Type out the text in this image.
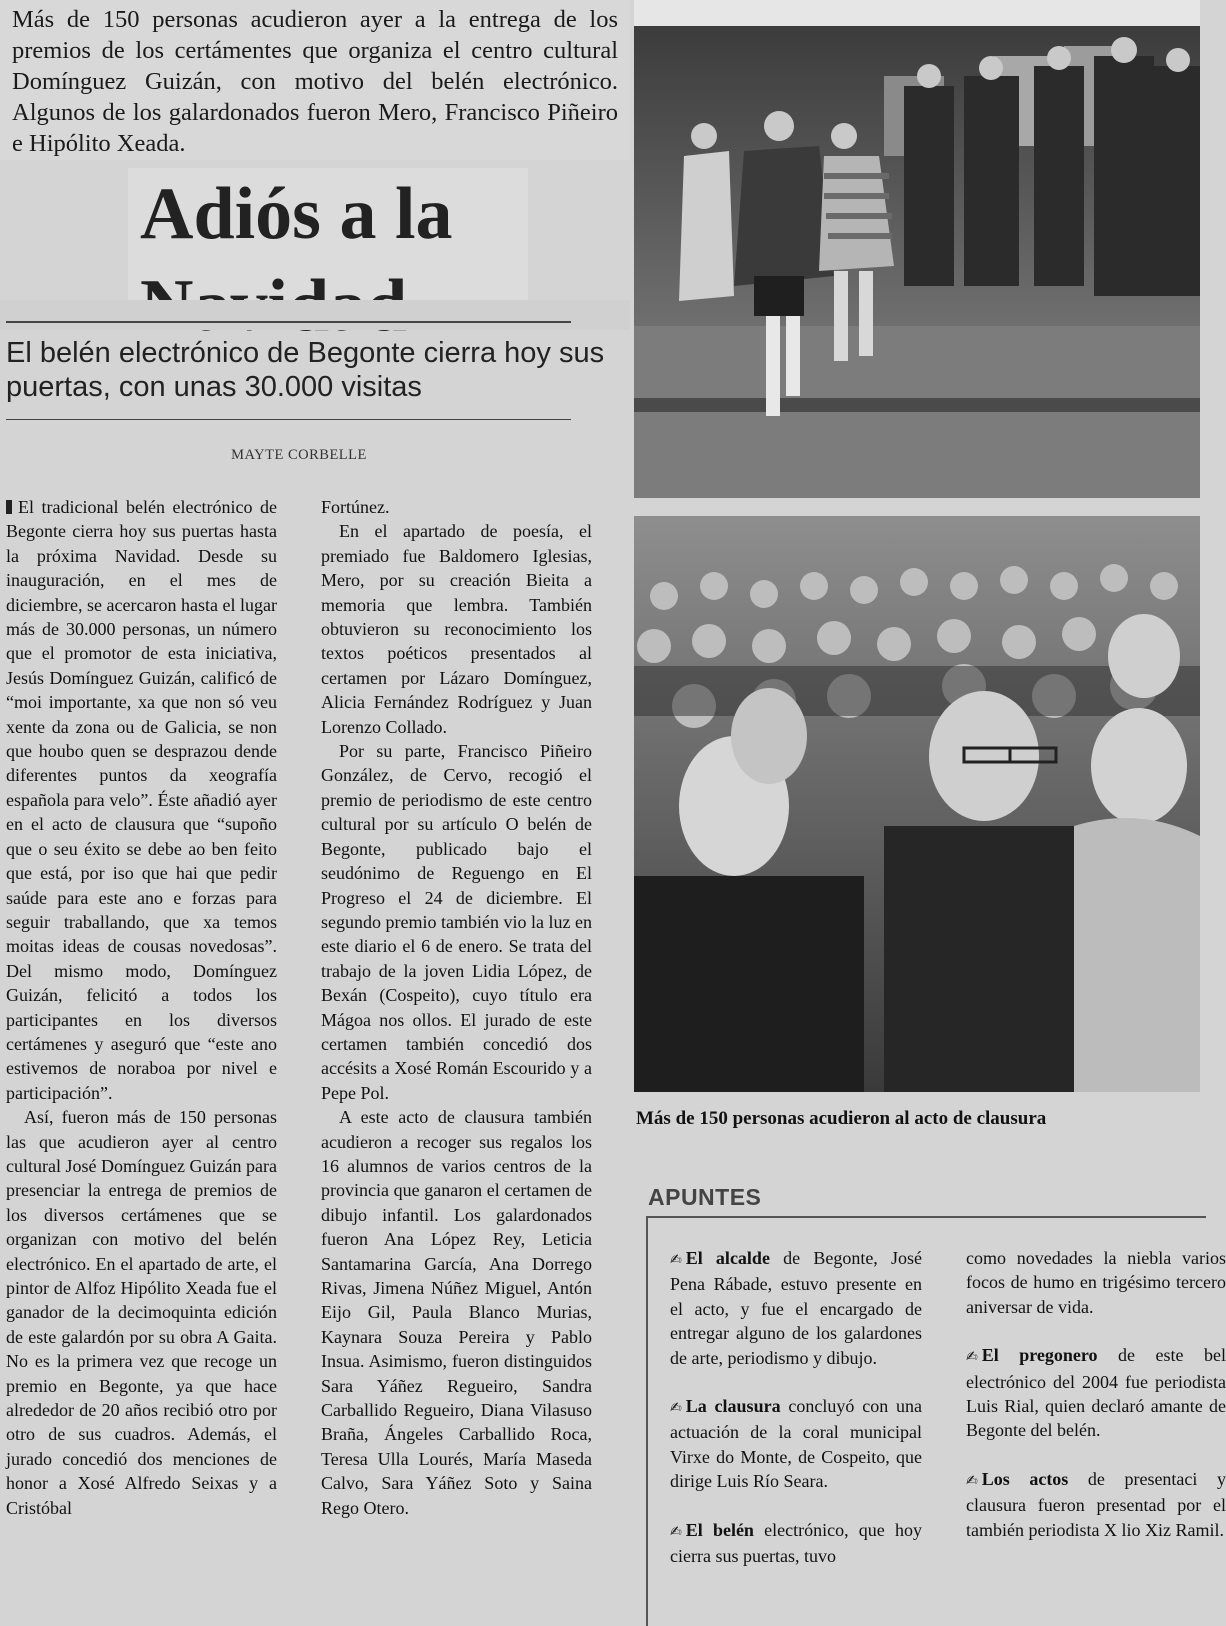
Más de 150 personas acudieron ayer a la entrega de los premios de los certámentes que organiza el centro cultural Domínguez Guizán, con motivo del belén electrónico. Algunos de los galardonados fueron Mero, Francisco Piñeiro e Hipólito Xeada.

Adiós a la

El belén electrónico de Begonte cierra hoy sus puertas, con unas 30.000 visitas
MAYTE CORBELLE

El tradicional belén electrónico de Begonte cierra hoy sus puertas hasta la próxima Navidad. Desde su inauguración, en el mes de diciembre, se acercaron hasta el lugar más de 30.000 personas, un número que el promotor de esta iniciativa, Jesús Domínguez Guizán, calificó de “moi importante, xa que non só veu xente da zona ou de Galicia, se non que houbo quen se desprazou dende diferentes puntos da xeografía española para velo”. Éste añadió ayer en el acto de clausura que “supoño que o seu éxito se debe ao ben feito que está, por iso que hai que pedir saúde para este ano e forzas para seguir traballando, que xa temos moitas ideas de cousas novedosas”. Del mismo modo, Domínguez Guizán, felicitó a todos los participantes en los diversos certámenes y aseguró que “este ano estivemos de noraboa por nivel e participación”.

Así, fueron más de 150 personas las que acudieron ayer al centro cultural José Domínguez Guizán para presenciar la entrega de premios de los diversos certámenes que se organizan con motivo del belén electrónico. En el apartado de arte, el pintor de Alfoz Hipólito Xeada fue el ganador de la decimoquinta edición de este galardón por su obra A Gaita. No es la primera vez que recoge un premio en Begonte, ya que hace alrededor de 20 años recibió otro por otro de sus cuadros. Además, el jurado concedió dos menciones de honor a Xosé Alfredo Seixas y a Cristóbal

Fortúnez.

En el apartado de poesía, el premiado fue Baldomero Iglesias, Mero, por su creación Bieita a memoria que lembra. También obtuvieron su reconocimiento los textos poéticos presentados al certamen por Lázaro Domínguez, Alicia Fernández Rodríguez y Juan Lorenzo Collado.

Por su parte, Francisco Piñeiro González, de Cervo, recogió el premio de periodismo de este centro cultural por su artículo O belén de Begonte, publicado bajo el seudónimo de Reguengo en El Progreso el 24 de diciembre. El segundo premio también vio la luz en este diario el 6 de enero. Se trata del trabajo de la joven Lidia López, de Bexán (Cospeito), cuyo título era Mágoa nos ollos. El jurado de este certamen también concedió dos accésits a Xosé Román Escourido y a Pepe Pol.

A este acto de clausura también acudieron a recoger sus regalos los 16 alumnos de varios centros de la provincia que ganaron el certamen de dibujo infantil. Los galardonados fueron Ana López Rey, Leticia Santamarina García, Ana Dorrego Rivas, Jimena Núñez Miguel, Antón Eijo Gil, Paula Blanco Murias, Kaynara Souza Pereira y Pablo Insua. Asimismo, fueron distinguidos Sara Yáñez Regueiro, Sandra Carballido Regueiro, Diana Vilasuso Braña, Ángeles Carballido Roca, Teresa Ulla Lourés, María Maseda Calvo, Sara Yáñez Soto y Saina Rego Otero.

Más de 150 personas acudieron al acto de clausura
APUNTES

✍ El alcalde de Begonte, José Pena Rábade, estuvo presente en el acto, y fue el encargado de entregar alguno de los galardones de arte, periodismo y dibujo.

✍ La clausura concluyó con una actuación de la coral municipal Virxe do Monte, de Cospeito, que dirige Luis Río Seara.

✍ El belén electrónico, que hoy cierra sus puertas, tuvo

como novedades la niebla varios focos de humo en trigésimo tercero aniversar de vida.

✍ El pregonero de este bel electrónico del 2004 fue periodista Luis Rial, quien declaró amante de Begonte del belén.

✍ Los actos de presentaci y clausura fueron presentad por el también periodista X lio Xiz Ramil.
